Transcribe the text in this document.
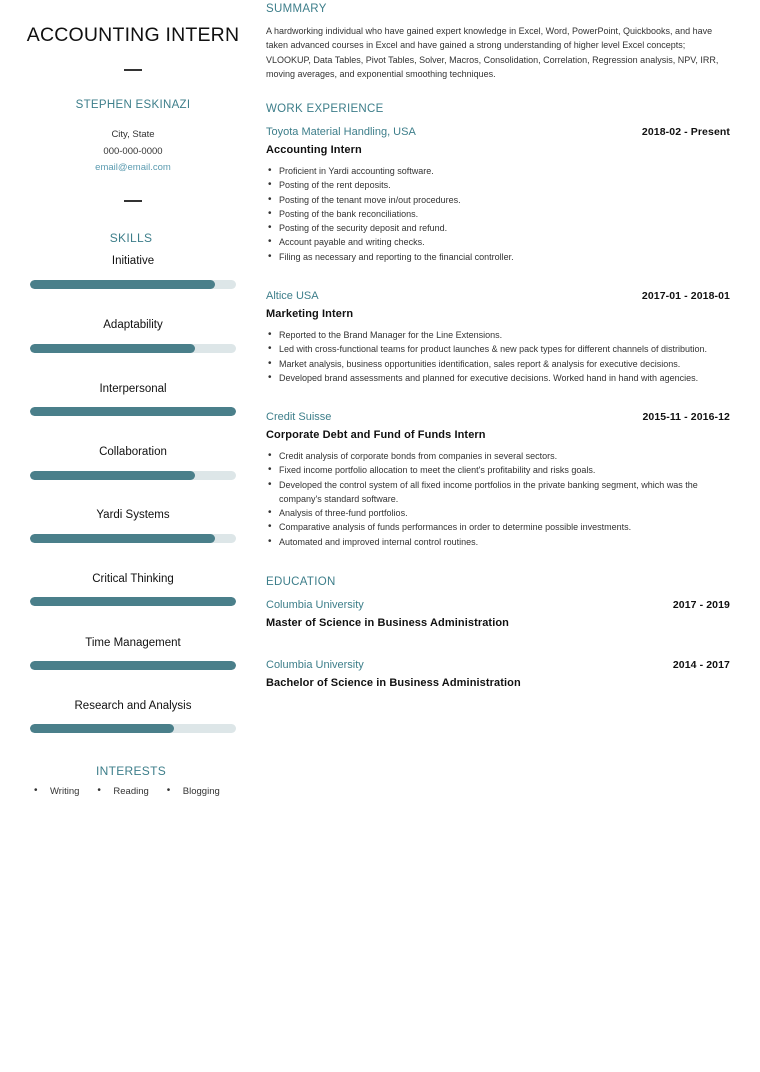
ACCOUNTING INTERN
STEPHEN ESKINAZI
City, State
000-000-0000
email@email.com
SKILLS
Initiative
Adaptability
Interpersonal
Collaboration
Yardi Systems
Critical Thinking
Time Management
Research and Analysis
INTERESTS
• Writing	• Reading	• Blogging
SUMMARY
A hardworking individual who have gained expert knowledge in Excel, Word, PowerPoint, Quickbooks, and have taken advanced courses in Excel and have gained a strong understanding of higher level Excel concepts; VLOOKUP, Data Tables, Pivot Tables, Solver, Macros, Consolidation, Correlation, Regression analysis, NPV, IRR, moving averages, and exponential smoothing techniques.
WORK EXPERIENCE
Toyota Material Handling, USA	2018-02 - Present
Accounting Intern
• Proficient in Yardi accounting software.
• Posting of the rent deposits.
• Posting of the tenant move in/out procedures.
• Posting of the bank reconciliations.
• Posting of the security deposit and refund.
• Account payable and writing checks.
• Filing as necessary and reporting to the financial controller.
Altice USA	2017-01 - 2018-01
Marketing Intern
• Reported to the Brand Manager for the Line Extensions.
• Led with cross-functional teams for product launches & new pack types for different channels of distribution.
• Market analysis, business opportunities identification, sales report & analysis for executive decisions.
• Developed brand assessments and planned for executive decisions. Worked hand in hand with agencies.
Credit Suisse	2015-11 - 2016-12
Corporate Debt and Fund of Funds Intern
• Credit analysis of corporate bonds from companies in several sectors.
• Fixed income portfolio allocation to meet the client's profitability and risks goals.
• Developed the control system of all fixed income portfolios in the private banking segment, which was the company's standard software.
• Analysis of three-fund portfolios.
• Comparative analysis of funds performances in order to determine possible investments.
• Automated and improved internal control routines.
EDUCATION
Columbia University	2017 - 2019
Master of Science in Business Administration
Columbia University	2014 - 2017
Bachelor of Science in Business Administration
